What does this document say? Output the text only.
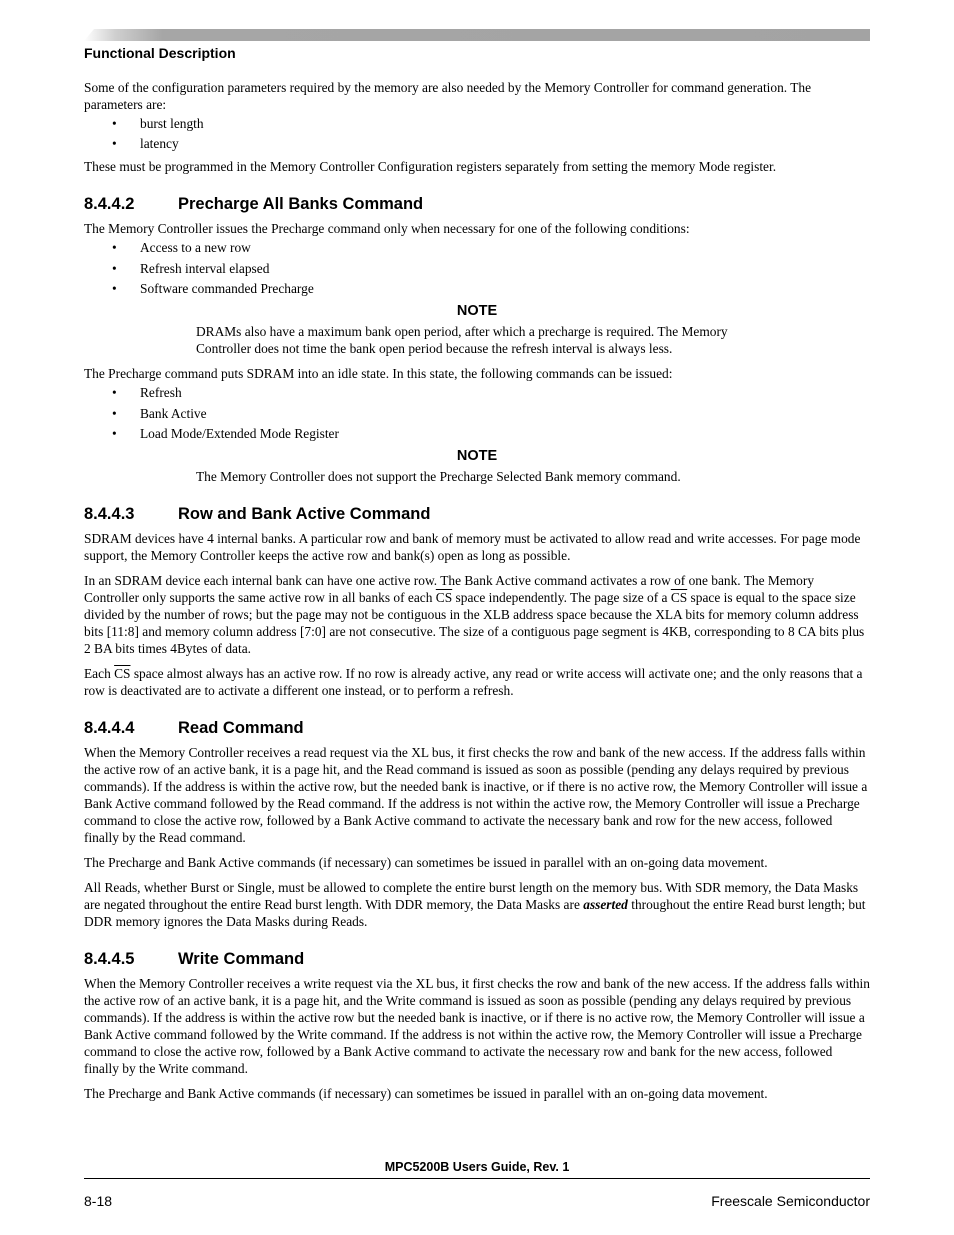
Functional Description

Some of the configuration parameters required by the memory are also needed by the Memory Controller for command generation. The parameters are:

• burst length
• latency

These must be programmed in the Memory Controller Configuration registers separately from setting the memory Mode register.

8.4.4.2	Precharge All Banks Command

The Memory Controller issues the Precharge command only when necessary for one of the following conditions:

• Access to a new row
• Refresh interval elapsed
• Software commanded Precharge
NOTE

DRAMs also have a maximum bank open period, after which a precharge is required. The Memory Controller does not time the bank open period because the refresh interval is always less.

The Precharge command puts SDRAM into an idle state. In this state, the following commands can be issued:

• Refresh
• Bank Active
• Load Mode/Extended Mode Register
NOTE

The Memory Controller does not support the Precharge Selected Bank memory command.

8.4.4.3	Row and Bank Active Command

SDRAM devices have 4 internal banks. A particular row and bank of memory must be activated to allow read and write accesses. For page mode support, the Memory Controller keeps the active row and bank(s) open as long as possible.

In an SDRAM device each internal bank can have one active row. The Bank Active command activates a row of one bank. The Memory Controller only supports the same active row in all banks of each $\overline{CS}$ space independently. The page size of a $\overline{CS}$ space is equal to the space size divided by the number of rows; but the page may not be contiguous in the XLB address space because the XLA bits for memory column address bits [11:8] and memory column address [7:0] are not consecutive. The size of a contiguous page segment is 4KB, corresponding to 8 CA bits plus 2 BA bits times 4Bytes of data.

Each $\overline{CS}$ space almost always has an active row. If no row is already active, any read or write access will activate one; and the only reasons that a row is deactivated are to activate a different one instead, or to perform a refresh.

8.4.4.4	Read Command

When the Memory Controller receives a read request via the XL bus, it first checks the row and bank of the new access. If the address falls within the active row of an active bank, it is a page hit, and the Read command is issued as soon as possible (pending any delays required by previous commands). If the address is within the active row, but the needed bank is inactive, or if there is no active row, the Memory Controller will issue a Bank Active command followed by the Read command. If the address is not within the active row, the Memory Controller will issue a Precharge command to close the active row, followed by a Bank Active command to activate the necessary bank and row for the new access, followed finally by the Read command.

The Precharge and Bank Active commands (if necessary) can sometimes be issued in parallel with an on-going data movement.

All Reads, whether Burst or Single, must be allowed to complete the entire burst length on the memory bus. With SDR memory, the Data Masks are negated throughout the entire Read burst length. With DDR memory, the Data Masks are asserted throughout the entire Read burst length; but DDR memory ignores the Data Masks during Reads.

8.4.4.5	Write Command

When the Memory Controller receives a write request via the XL bus, it first checks the row and bank of the new access. If the address falls within the active row of an active bank, it is a page hit, and the Write command is issued as soon as possible (pending any delays required by previous commands). If the address is within the active row but the needed bank is inactive, or if there is no active row, the Memory Controller will issue a Bank Active command followed by the Write command. If the address is not within the active row, the Memory Controller will issue a Precharge command to close the active row, followed by a Bank Active command to activate the necessary row and bank for the new access, followed finally by the Write command.

The Precharge and Bank Active commands (if necessary) can sometimes be issued in parallel with an on-going data movement.

MPC5200B Users Guide, Rev. 1
8-18	Freescale Semiconductor
